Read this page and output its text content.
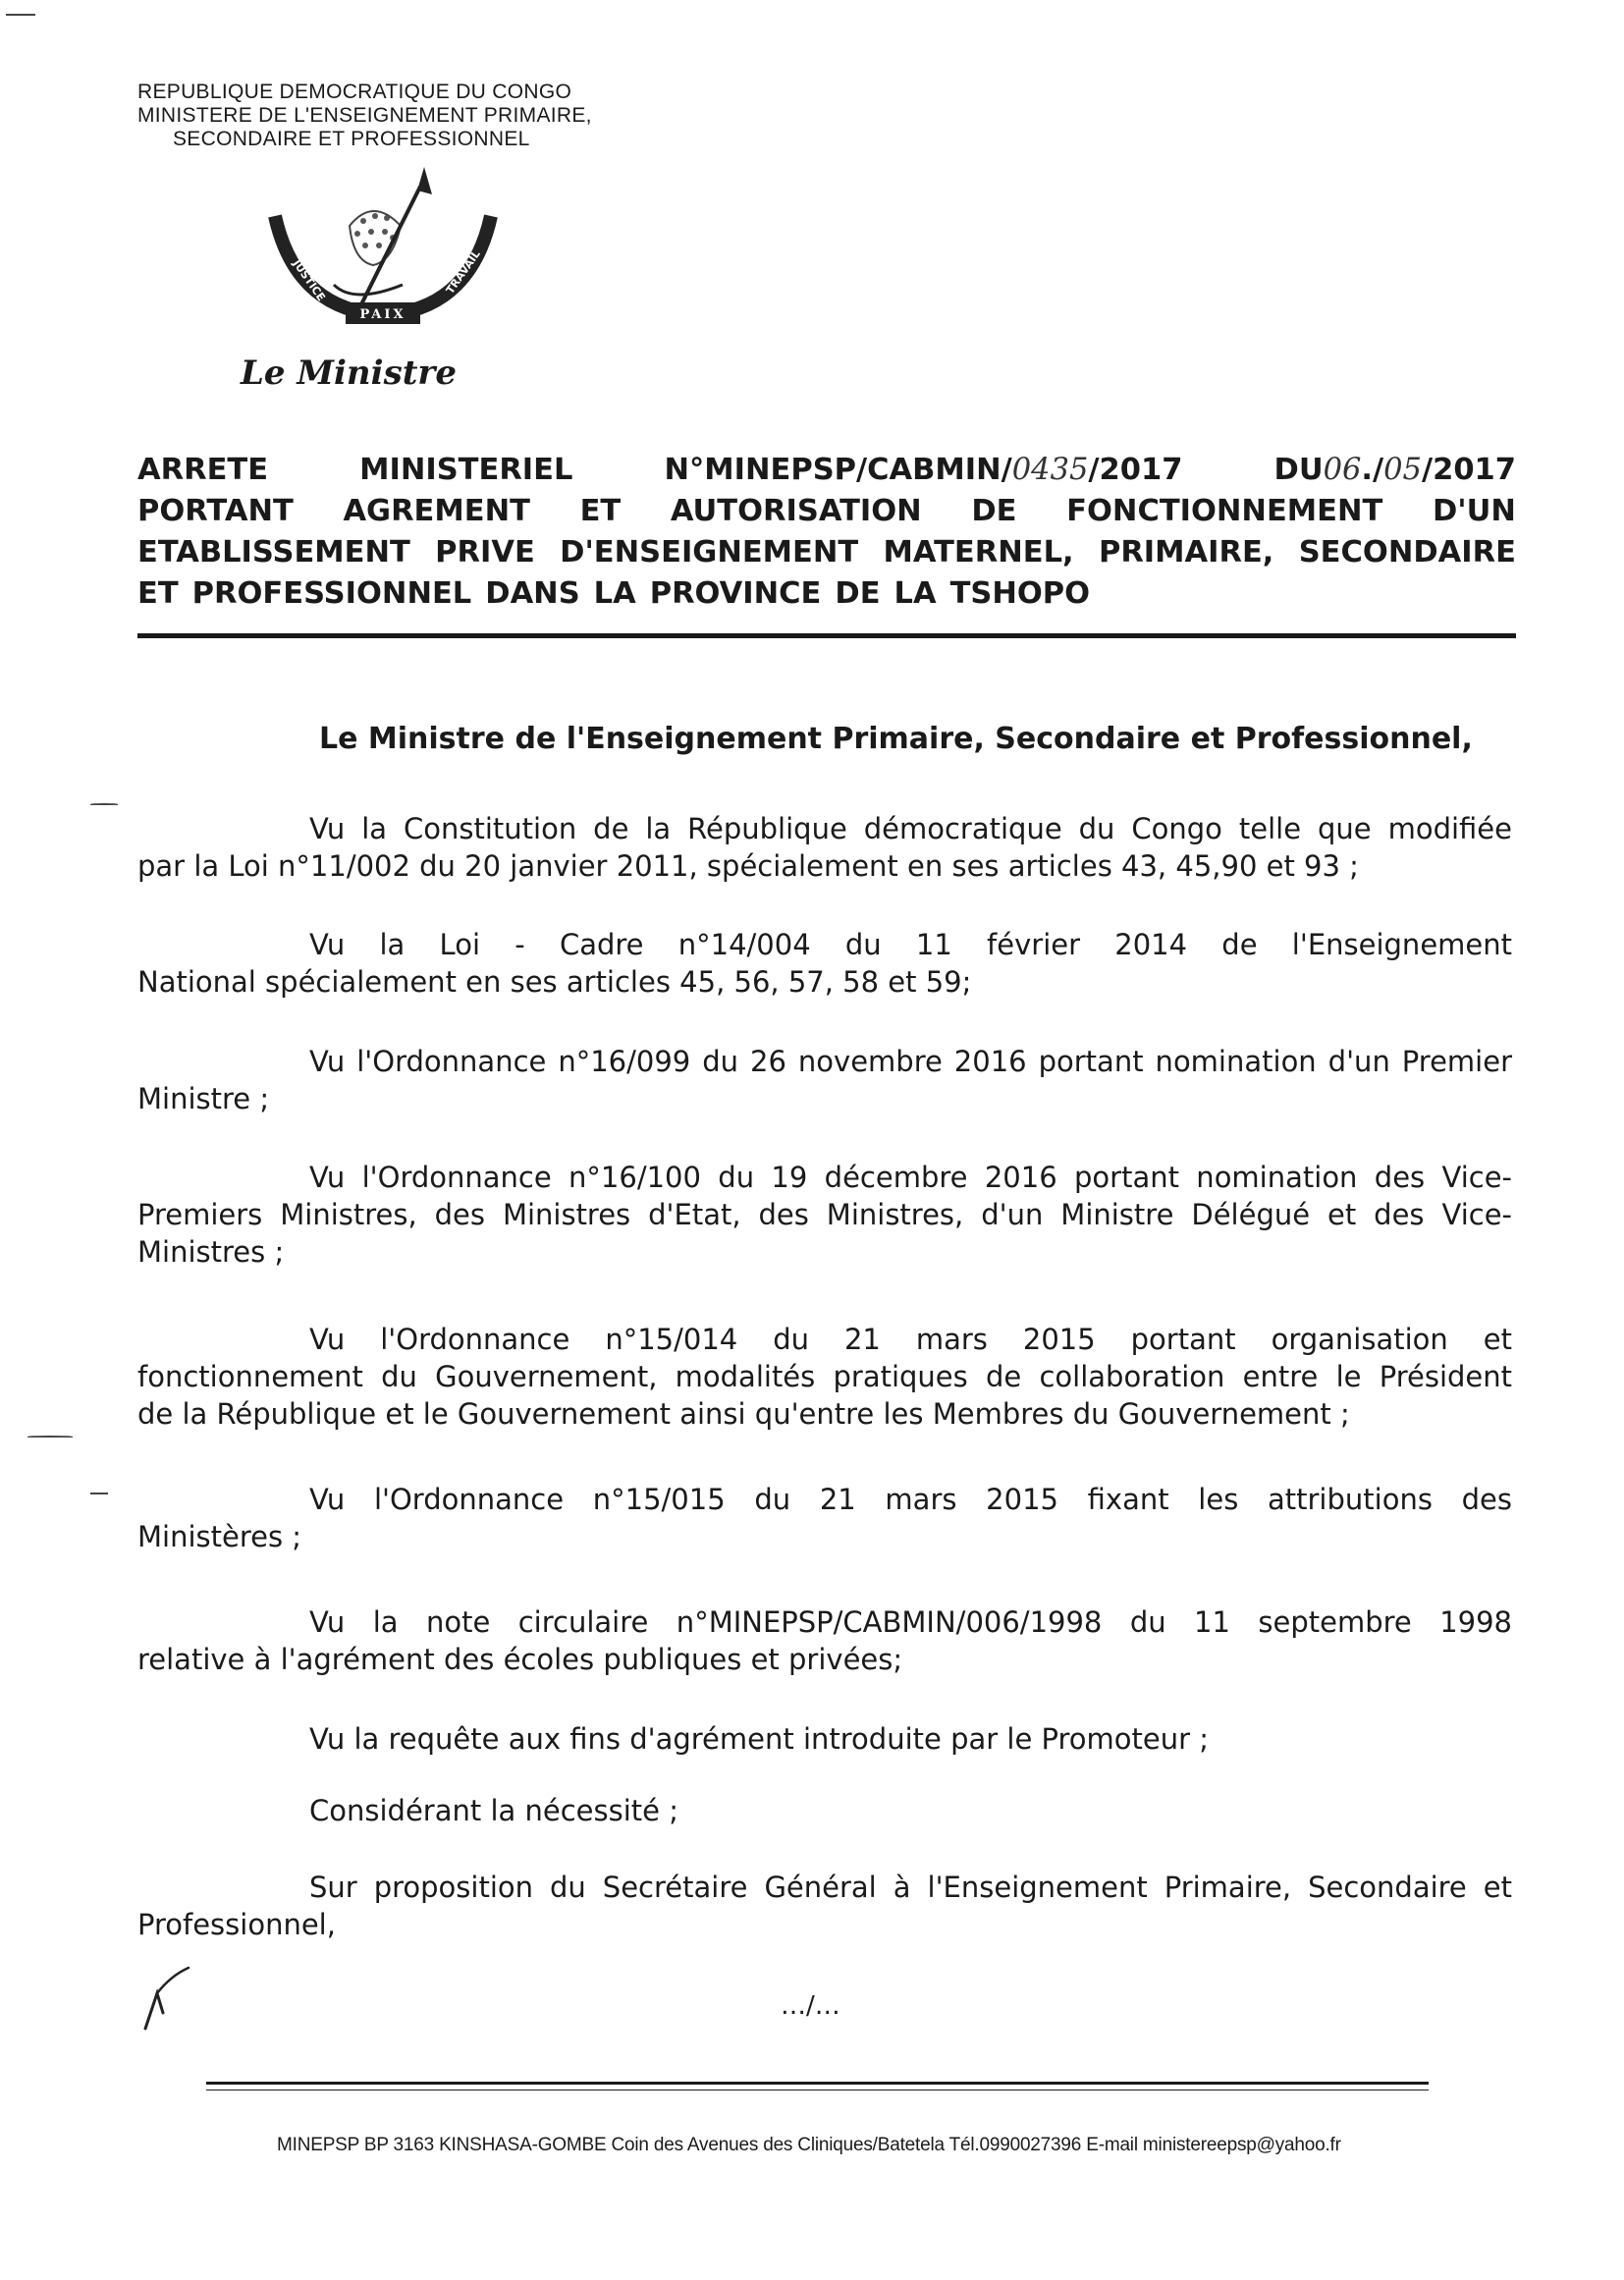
REPUBLIQUE DEMOCRATIQUE DU CONGO
MINISTERE DE L'ENSEIGNEMENT PRIMAIRE,
SECONDAIRE ET PROFESSIONNEL
JUSTICE	TRAVAIL
PAIX
Le Ministre
ARRETE	MINISTERIEL	N°MINEPSP/CABMIN/0435/2017	DU06./05/2017
PORTANT AGREMENT ET AUTORISATION DE FONCTIONNEMENT D'UN
ETABLISSEMENT PRIVE D'ENSEIGNEMENT MATERNEL, PRIMAIRE, SECONDAIRE
ET PROFESSIONNEL DANS LA PROVINCE DE LA TSHOPO
Le Ministre de l'Enseignement Primaire, Secondaire et Professionnel,
Vu la Constitution de la République démocratique du Congo telle que modifiée
par la Loi n°11/002 du 20 janvier 2011, spécialement en ses articles 43, 45,90 et 93 ;
Vu la Loi - Cadre n°14/004 du 11 février 2014 de l'Enseignement
National spécialement en ses articles 45, 56, 57, 58 et 59;
Vu l'Ordonnance n°16/099 du 26 novembre 2016 portant nomination d'un Premier
Ministre ;
Vu l'Ordonnance n°16/100 du 19 décembre 2016 portant nomination des Vice-
Premiers Ministres, des Ministres d'Etat, des Ministres, d'un Ministre Délégué et des Vice-
Ministres ;
Vu l'Ordonnance n°15/014 du 21 mars 2015 portant organisation et
fonctionnement du Gouvernement, modalités pratiques de collaboration entre le Président
de la République et le Gouvernement ainsi qu'entre les Membres du Gouvernement ;
Vu l'Ordonnance n°15/015 du 21 mars 2015 fixant les attributions des
Ministères ;
Vu la note circulaire n°MINEPSP/CABMIN/006/1998 du 11 septembre 1998
relative à l'agrément des écoles publiques et privées;
Vu la requête aux fins d'agrément introduite par le Promoteur ;
Considérant la nécessité ;
Sur proposition du Secrétaire Général à l'Enseignement Primaire, Secondaire et
Professionnel,
…/…
MINEPSP BP 3163 KINSHASA-GOMBE Coin des Avenues des Cliniques/Batetela Tél.0990027396 E-mail ministereepsp@yahoo.fr
